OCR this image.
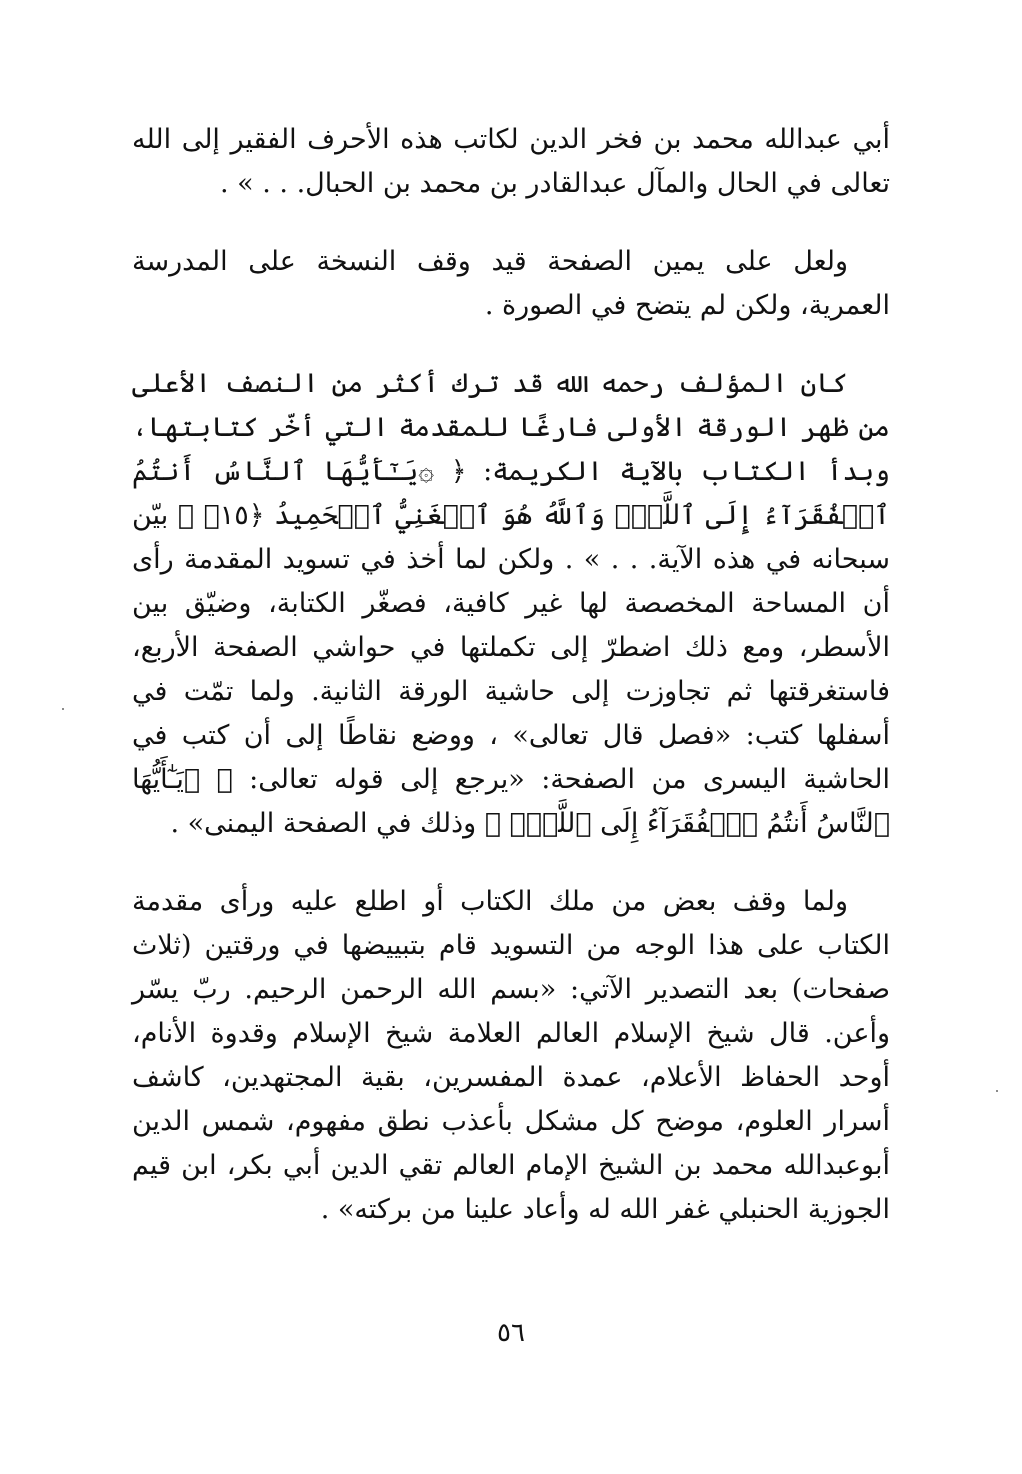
أبي عبدالله محمد بن فخر الدين لكاتب هذه الأحرف الفقير إلى الله تعالى في الحال والمآل عبدالقادر بن محمد بن الحبال. . . » .

ولعل على يمين الصفحة قيد وقف النسخة على المدرسة العمرية، ولكن لم يتضح في الصورة .

كان المؤلف رحمه الله قد ترك أكثر من النصف الأعلى من ظهر الورقة الأولى فارغًا للمقدمة التي أخّر كتابتها، وبدأ الكتاب بالآية الكريمة: ﴿ ۞يَـٰٓأَيُّهَا ٱلنَّاسُ أَنتُمُ ٱلۡفُقَرَآءُ إِلَى ٱللَّهِۖ وَٱللَّهُ هُوَ ٱلۡغَنِيُّ ٱلۡحَمِيدُ ﴿١٥﴾ ﴾ بيّن سبحانه في هذه الآية. . . » . ولكن لما أخذ في تسويد المقدمة رأى أن المساحة المخصصة لها غير كافية، فصغّر الكتابة، وضيّق بين الأسطر، ومع ذلك اضطرّ إلى تكملتها في حواشي الصفحة الأربع، فاستغرقتها ثم تجاوزت إلى حاشية الورقة الثانية. ولما تمّت في أسفلها كتب: «فصل قال تعالى» ، ووضع نقاطًا إلى أن كتب في الحاشية اليسرى من الصفحة: «يرجع إلى قوله تعالى: ﴿ ۞يَـٰٓأَيُّهَا ٱلنَّاسُ أَنتُمُ ٱلۡفُقَرَآءُ إِلَى ٱللَّهِۖ ﴾ وذلك في الصفحة اليمنى» .

ولما وقف بعض من ملك الكتاب أو اطلع عليه ورأى مقدمة الكتاب على هذا الوجه من التسويد قام بتبييضها في ورقتين (ثلاث صفحات) بعد التصدير الآتي: «بسم الله الرحمن الرحيم. ربّ يسّر وأعن. قال شيخ الإسلام العالم العلامة شيخ الإسلام وقدوة الأنام، أوحد الحفاظ الأعلام، عمدة المفسرين، بقية المجتهدين، كاشف أسرار العلوم، موضح كل مشكل بأعذب نطق مفهوم، شمس الدين أبوعبدالله محمد بن الشيخ الإمام العالم تقي الدين أبي بكر، ابن قيم الجوزية الحنبلي غفر الله له وأعاد علينا من بركته» .

٥٦
